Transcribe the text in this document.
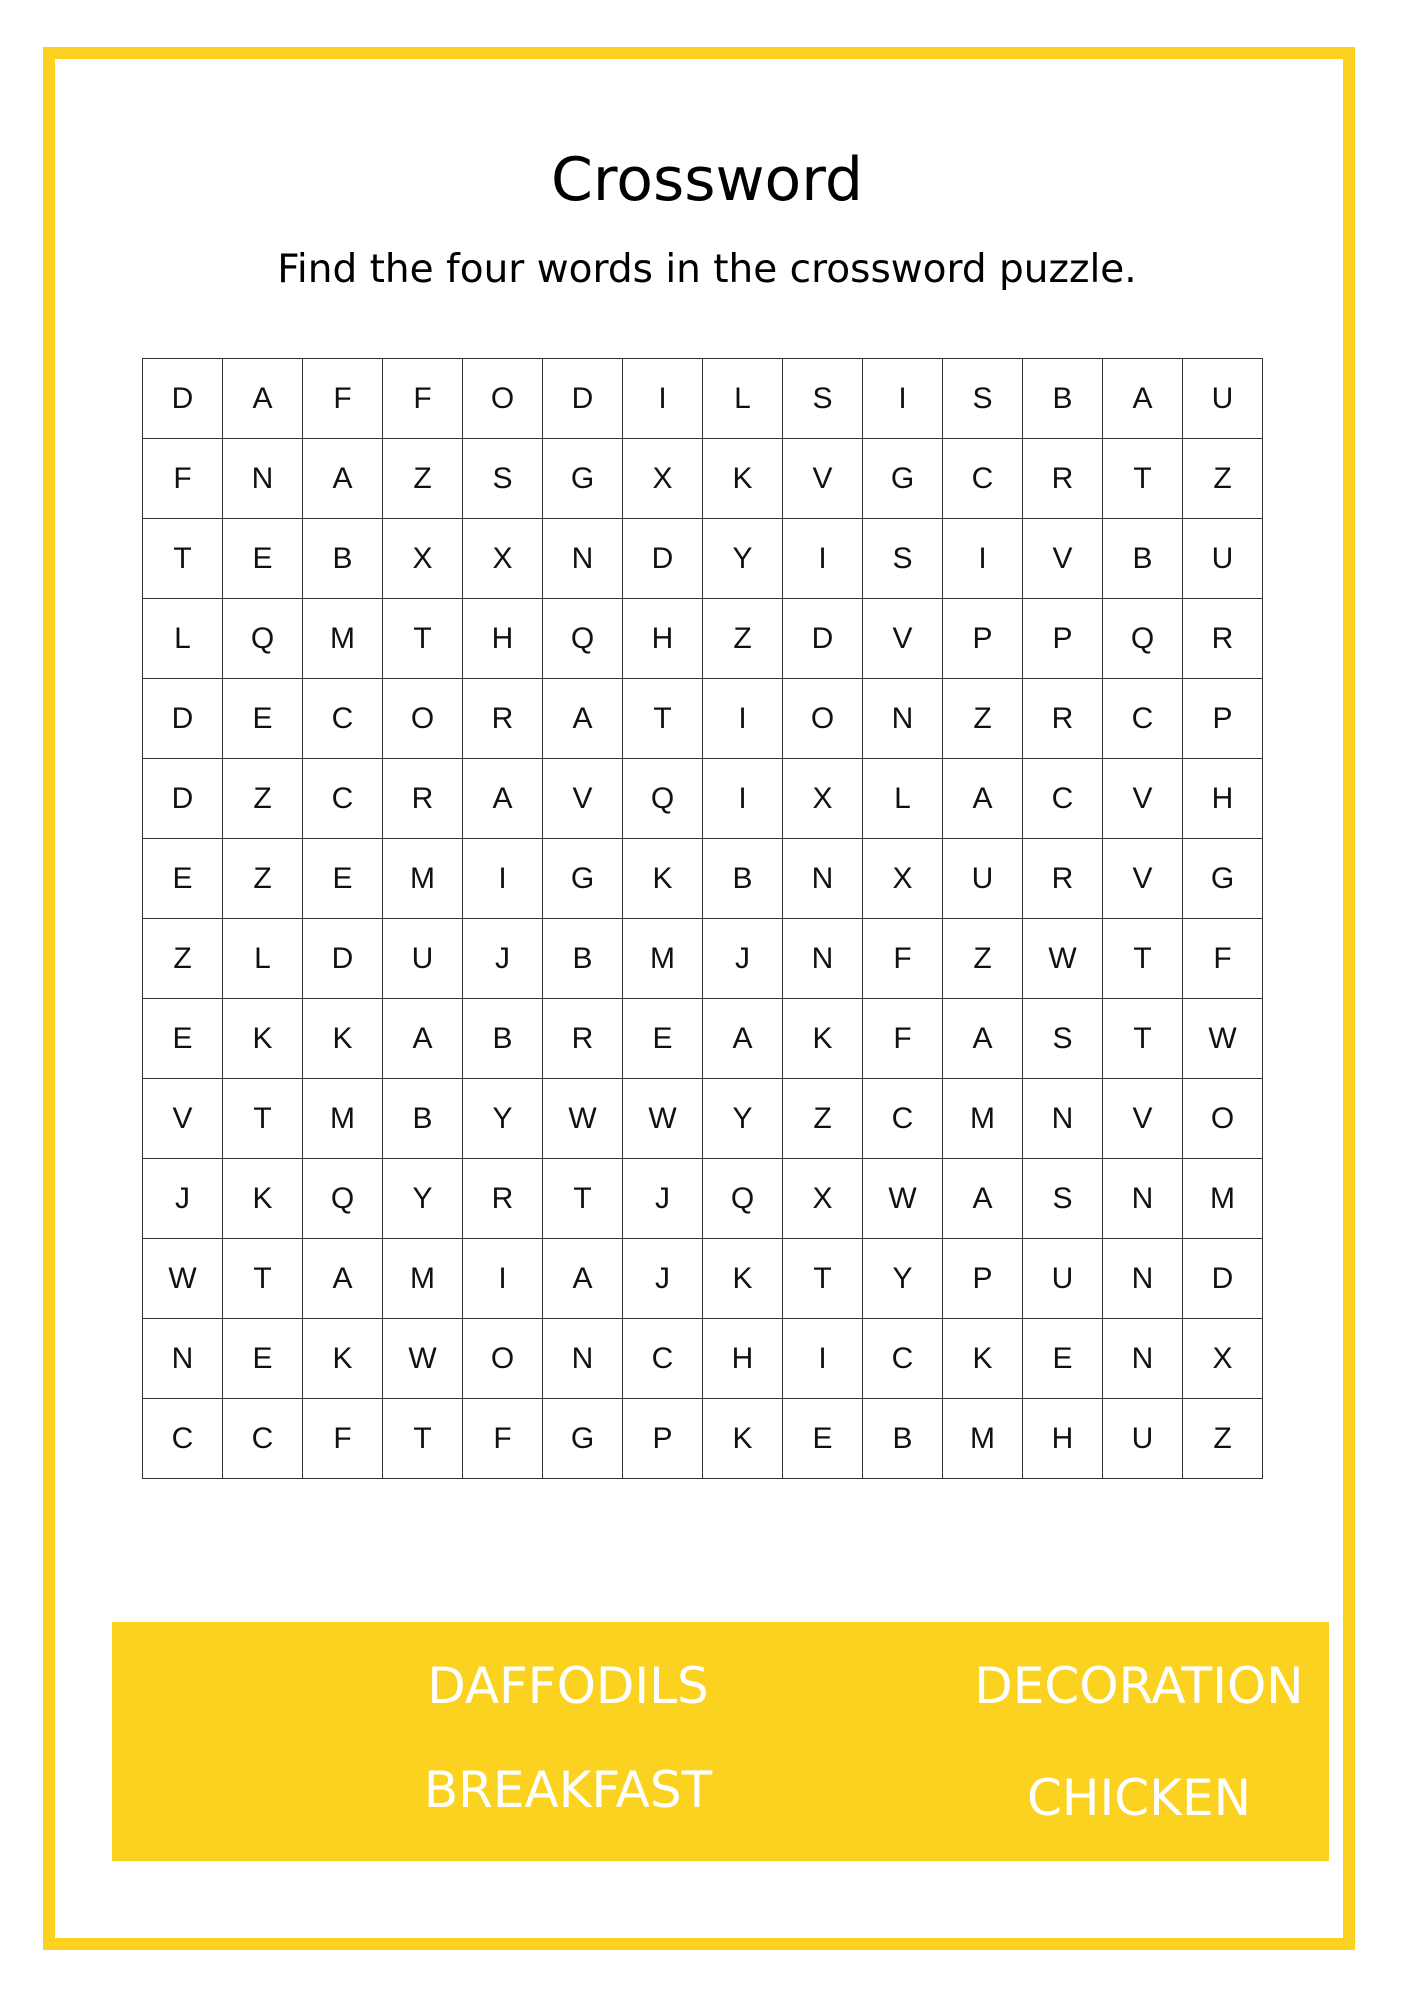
Crossword
Find the four words in the crossword puzzle.
D	A	F	F	O	D	I	L	S	I	S	B	A	U
F	N	A	Z	S	G	X	K	V	G	C	R	T	Z
T	E	B	X	X	N	D	Y	I	S	I	V	B	U
L	Q	M	T	H	Q	H	Z	D	V	P	P	Q	R
D	E	C	O	R	A	T	I	O	N	Z	R	C	P
D	Z	C	R	A	V	Q	I	X	L	A	C	V	H
E	Z	E	M	I	G	K	B	N	X	U	R	V	G
Z	L	D	U	J	B	M	J	N	F	Z	W	T	F
E	K	K	A	B	R	E	A	K	F	A	S	T	W
V	T	M	B	Y	W	W	Y	Z	C	M	N	V	O
J	K	Q	Y	R	T	J	Q	X	W	A	S	N	M
W	T	A	M	I	A	J	K	T	Y	P	U	N	D
N	E	K	W	O	N	C	H	I	C	K	E	N	X
C	C	F	T	F	G	P	K	E	B	M	H	U	Z
DAFFODILS	DECORATION
BREAKFAST	CHICKEN
